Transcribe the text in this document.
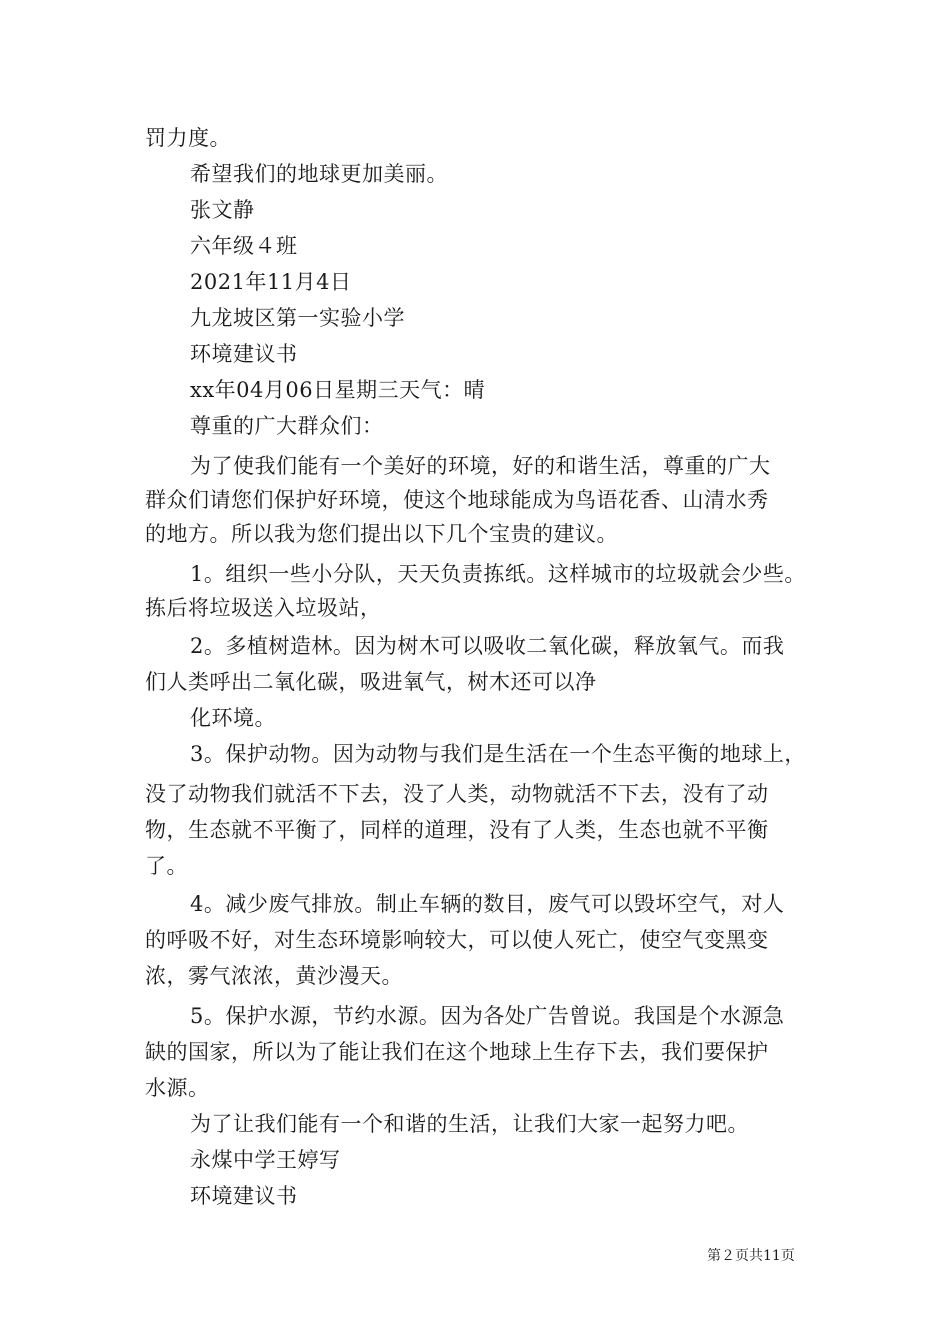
罚力度。
希望我们的地球更加美丽。
张文静
六年级４班
2021年11月4日
九龙坡区第一实验小学
环境建议书
xx年04月06日星期三天气：晴
尊重的广大群众们：
为了使我们能有一个美好的环境，好的和谐生活，尊重的广大
群众们请您们保护好环境，使这个地球能成为鸟语花香、山清水秀
的地方。所以我为您们提出以下几个宝贵的建议。
1。组织一些小分队，天天负责拣纸。这样城市的垃圾就会少些。
拣后将垃圾送入垃圾站，
2。多植树造林。因为树木可以吸收二氧化碳，释放氧气。而我
们人类呼出二氧化碳，吸进氧气，树木还可以净
化环境。
3。保护动物。因为动物与我们是生活在一个生态平衡的地球上，
没了动物我们就活不下去，没了人类，动物就活不下去，没有了动
物，生态就不平衡了，同样的道理，没有了人类，生态也就不平衡
了。
4。减少废气排放。制止车辆的数目，废气可以毁坏空气，对人
的呼吸不好，对生态环境影响较大，可以使人死亡，使空气变黑变
浓，雾气浓浓，黄沙漫天。
5。保护水源，节约水源。因为各处广告曾说。我国是个水源急
缺的国家，所以为了能让我们在这个地球上生存下去，我们要保护
水源。
为了让我们能有一个和谐的生活，让我们大家一起努力吧。
永煤中学王婷写
环境建议书
第２页共11页
